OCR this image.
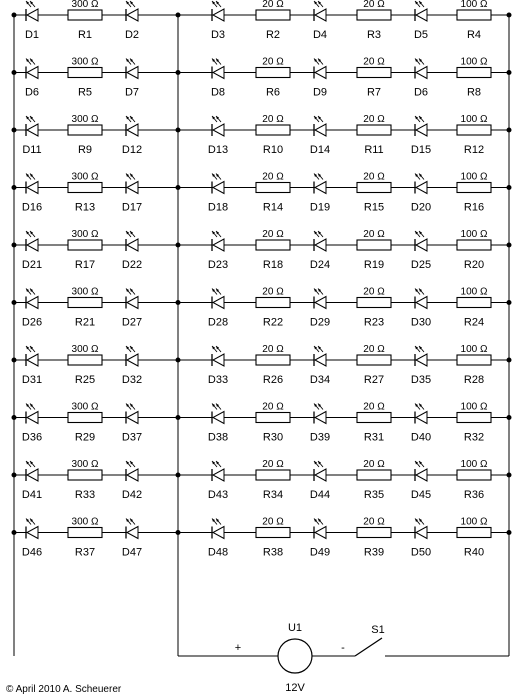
D1
300 Ω
R1	D2	D3
20 Ω
R2	D4
20 Ω
R3	D5
100 Ω
R4
D6
300 Ω
R5	D7	D8
20 Ω
R6	D9
20 Ω
R7	D6
100 Ω
R8
D11
300 Ω
R9	D12	D13
20 Ω
R10 D14
20 Ω
R11 D15
100 Ω
R12
D16
300 Ω
R13 D17	D18
20 Ω
R14 D19
20 Ω
R15 D20
100 Ω
R16
D21
300 Ω
R17 D22	D23
20 Ω
R18 D24
20 Ω
R19 D25
100 Ω
R20
D26
300 Ω
R21 D27	D28
20 Ω
R22 D29
20 Ω
R23 D30
100 Ω
R24
D31
300 Ω
R25 D32	D33
20 Ω
R26 D34
20 Ω
R27 D35
100 Ω
R28
D36
300 Ω
R29 D37	D38
20 Ω
R30 D39
20 Ω
R31 D40
100 Ω
R32
D41
300 Ω
R33 D42	D43
20 Ω
R34 D44
20 Ω
R35 D45
100 Ω
R36
D46
300 Ω
R37 D47	D48
20 Ω
R38 D49
20 Ω
R39 D50
100 Ω
R40
U1
12V
+	-
S1
© April 2010 A. Scheuerer
